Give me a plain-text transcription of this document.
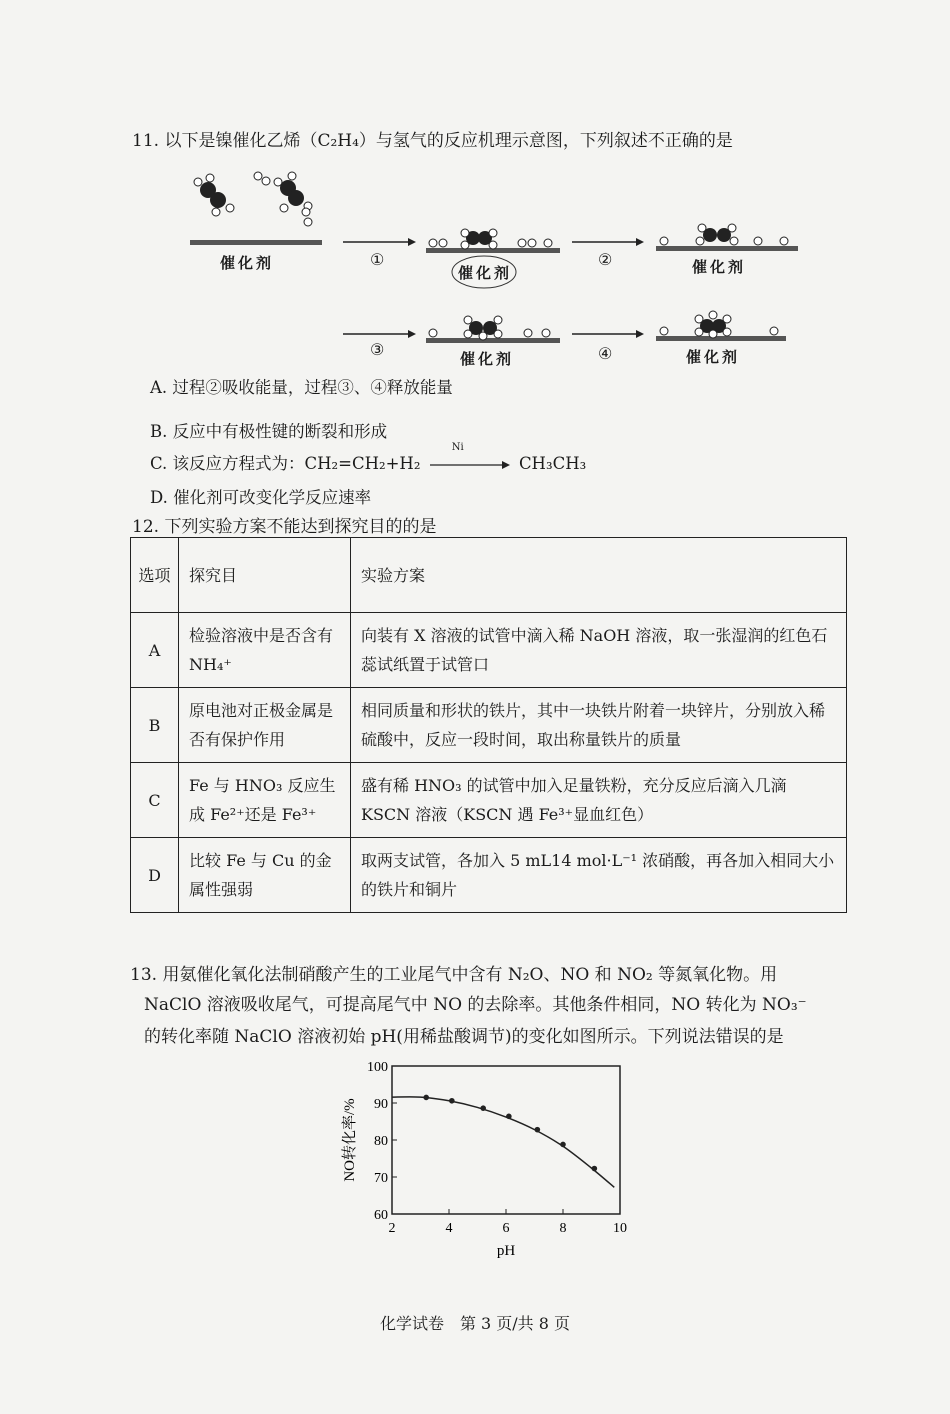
11. 以下是镍催化乙烯（C₂H₄）与氢气的反应机理示意图，下列叙述不正确的是
催化剂
催化剂	催化剂
催化剂	催化剂
①	②
③	④
A. 过程②吸收能量，过程③、④释放能量
B. 反应中有极性键的断裂和形成
C. 该反应方程式为：CH₂=CH₂+H₂
Ni
CH₃CH₃
D. 催化剂可改变化学反应速率
12. 下列实验方案不能达到探究目的的是
选项	探究目	实验方案
A	检验溶液中是否含有NH₄⁺	向装有 X 溶液的试管中滴入稀 NaOH 溶液，取一张湿润的红色石蕊试纸置于试管口
B	原电池对正极金属是否有保护作用	相同质量和形状的铁片，其中一块铁片附着一块锌片，分别放入稀硫酸中，反应一段时间，取出称量铁片的质量
C	Fe 与 HNO₃ 反应生成 Fe²⁺还是 Fe³⁺	盛有稀 HNO₃ 的试管中加入足量铁粉，充分反应后滴入几滴 KSCN 溶液（KSCN 遇 Fe³⁺显血红色）
D	比较 Fe 与 Cu 的金属性强弱	取两支试管，各加入 5 mL14 mol·L⁻¹ 浓硝酸，再各加入相同大小的铁片和铜片
13. 用氨催化氧化法制硝酸产生的工业尾气中含有 N₂O、NO 和 NO₂ 等氮氧化物。用
NaClO 溶液吸收尾气，可提高尾气中 NO 的去除率。其他条件相同，NO 转化为 NO₃⁻
的转化率随 NaClO 溶液初始 pH(用稀盐酸调节)的变化如图所示。下列说法错误的是
2	4	6	8	10
60
70
80
90
100
pH
NO转化率/%
化学试卷　第 3 页/共 8 页
